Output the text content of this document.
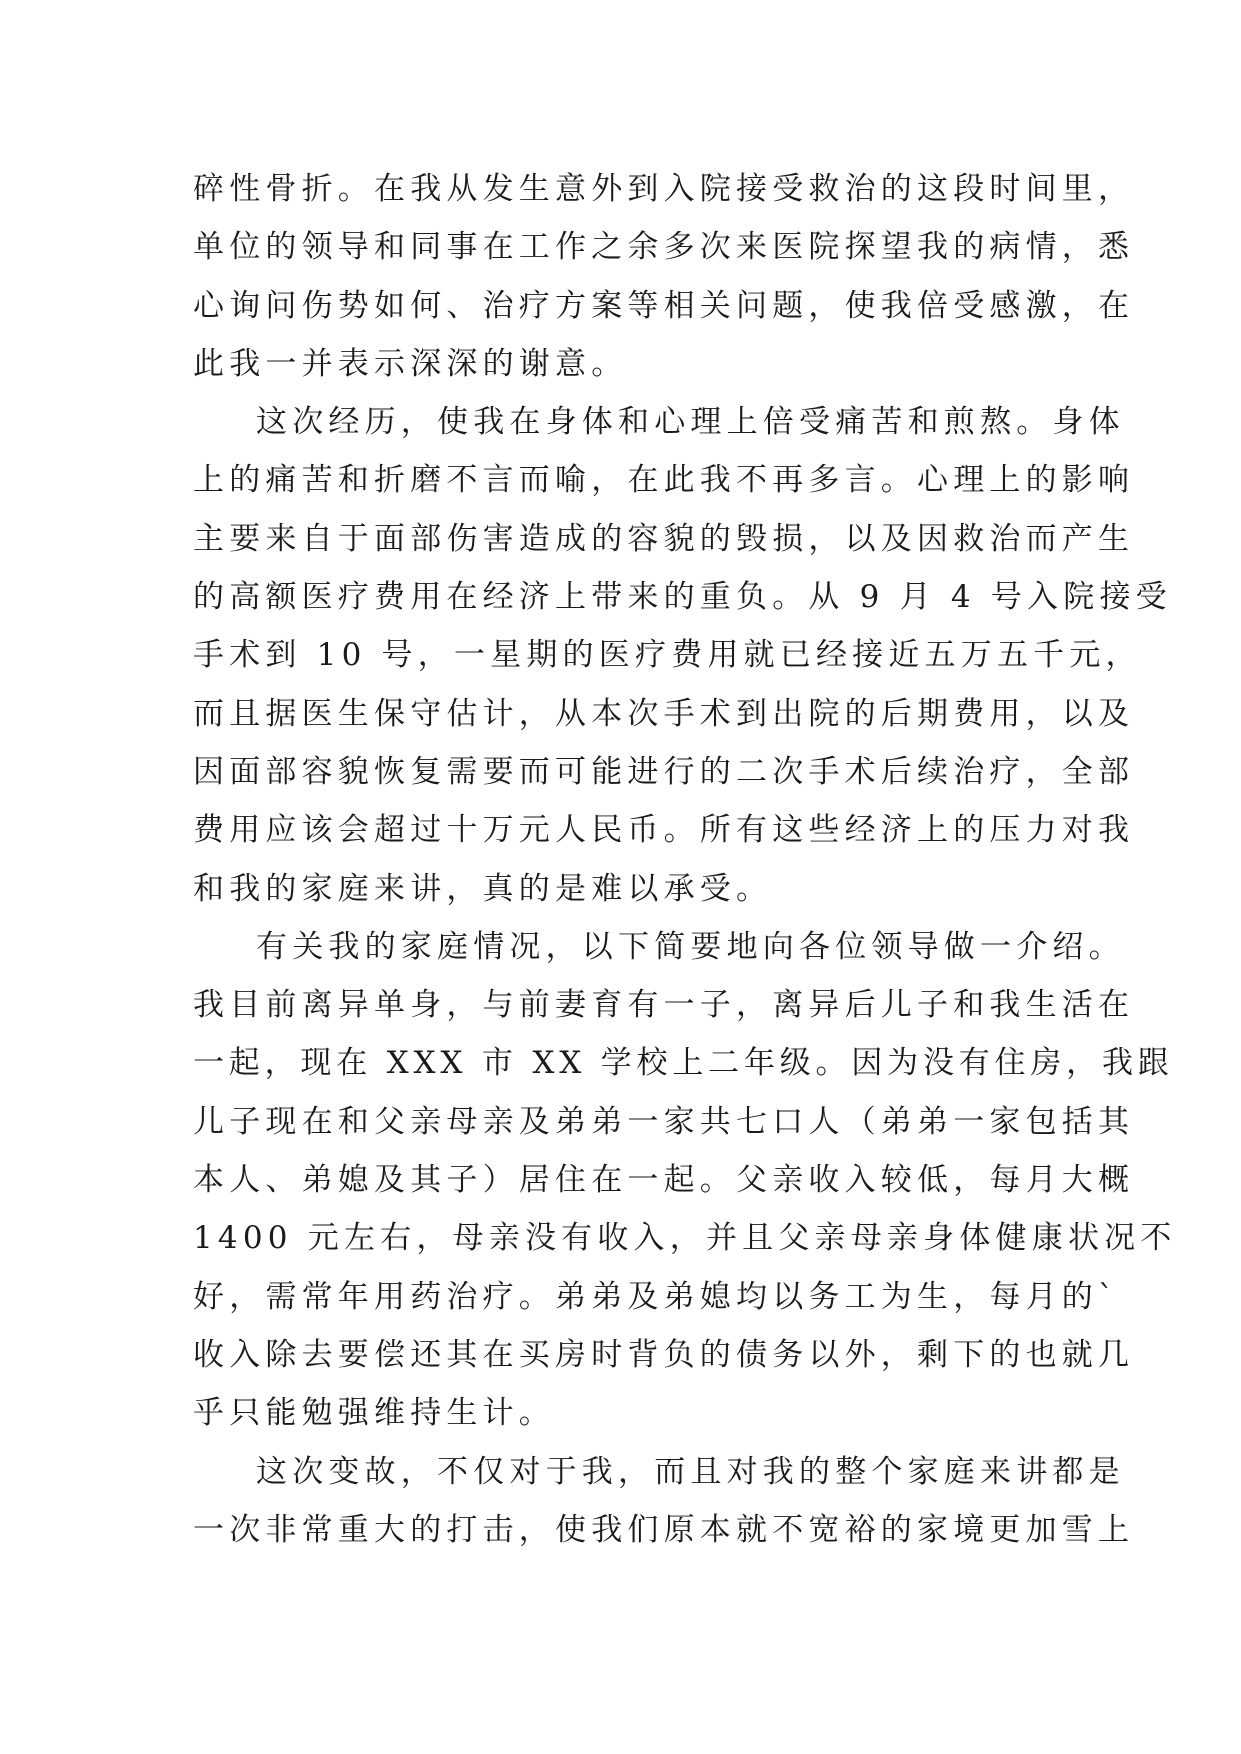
碎性骨折。在我从发生意外到入院接受救治的这段时间里，
单位的领导和同事在工作之余多次来医院探望我的病情，悉
心询问伤势如何、治疗方案等相关问题，使我倍受感激，在
此我一并表示深深的谢意。
这次经历，使我在身体和心理上倍受痛苦和煎熬。身体
上的痛苦和折磨不言而喻，在此我不再多言。心理上的影响
主要来自于面部伤害造成的容貌的毁损，以及因救治而产生
的高额医疗费用在经济上带来的重负。从 9 月 4 号入院接受
手术到 10 号，一星期的医疗费用就已经接近五万五千元，
而且据医生保守估计，从本次手术到出院的后期费用，以及
因面部容貌恢复需要而可能进行的二次手术后续治疗，全部
费用应该会超过十万元人民币。所有这些经济上的压力对我
和我的家庭来讲，真的是难以承受。
有关我的家庭情况，以下简要地向各位领导做一介绍。
我目前离异单身，与前妻育有一子，离异后儿子和我生活在
一起，现在 XXX 市 XX 学校上二年级。因为没有住房，我跟
儿子现在和父亲母亲及弟弟一家共七口人（弟弟一家包括其
本人、弟媳及其子）居住在一起。父亲收入较低，每月大概
1400 元左右，母亲没有收入，并且父亲母亲身体健康状况不
好，需常年用药治疗。弟弟及弟媳均以务工为生，每月的`
收入除去要偿还其在买房时背负的债务以外，剩下的也就几
乎只能勉强维持生计。
这次变故，不仅对于我，而且对我的整个家庭来讲都是
一次非常重大的打击，使我们原本就不宽裕的家境更加雪上
